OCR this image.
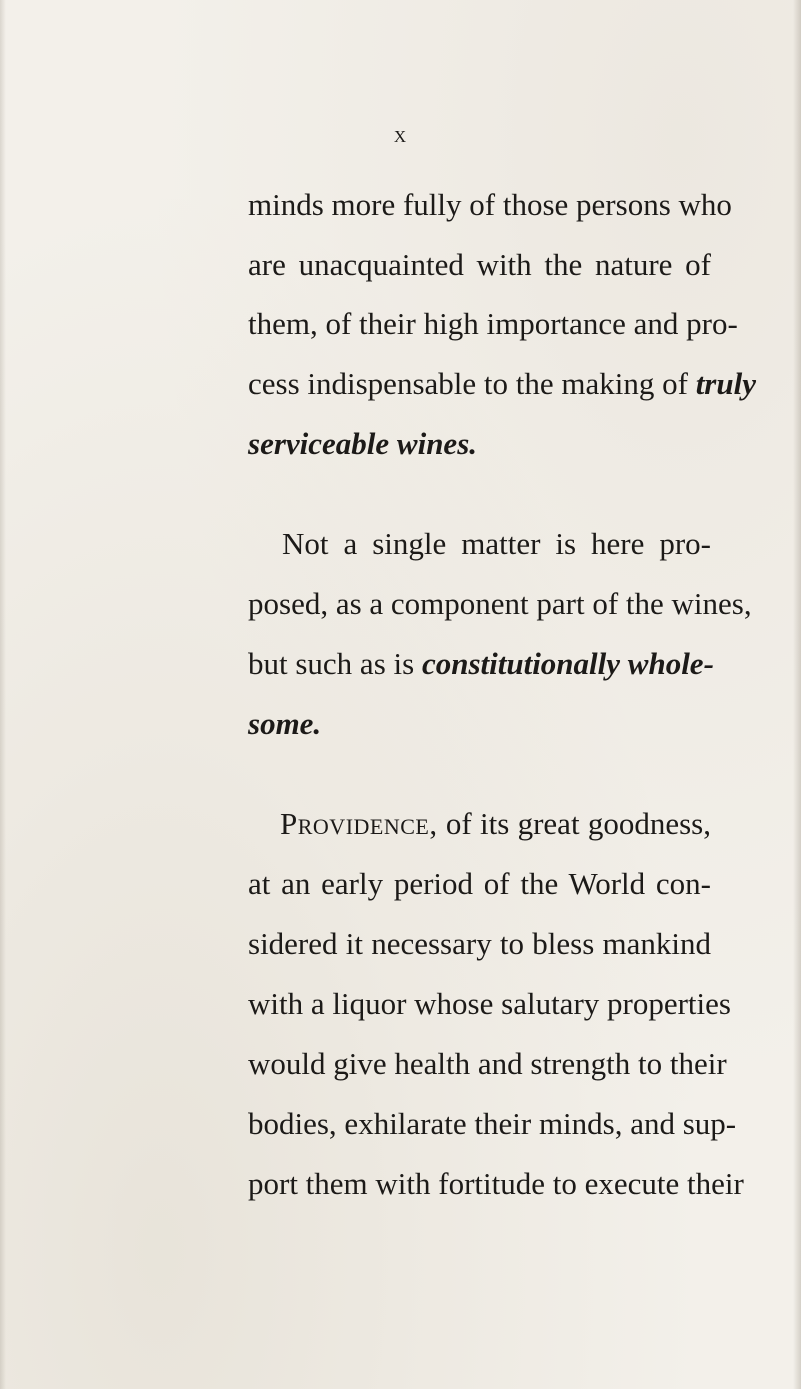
x
minds more fully of those persons who
are unacquainted with the nature of
them, of their high importance and pro-
cess indispensable to the making of truly
serviceable wines.
Not a single matter is here pro-
posed, as a component part of the wines,
but such as is constitutionally whole-
some.
Providence, of its great goodness,
at an early period of the World con-
sidered it necessary to bless mankind
with a liquor whose salutary properties
would give health and strength to their
bodies, exhilarate their minds, and sup-
port them with fortitude to execute their
